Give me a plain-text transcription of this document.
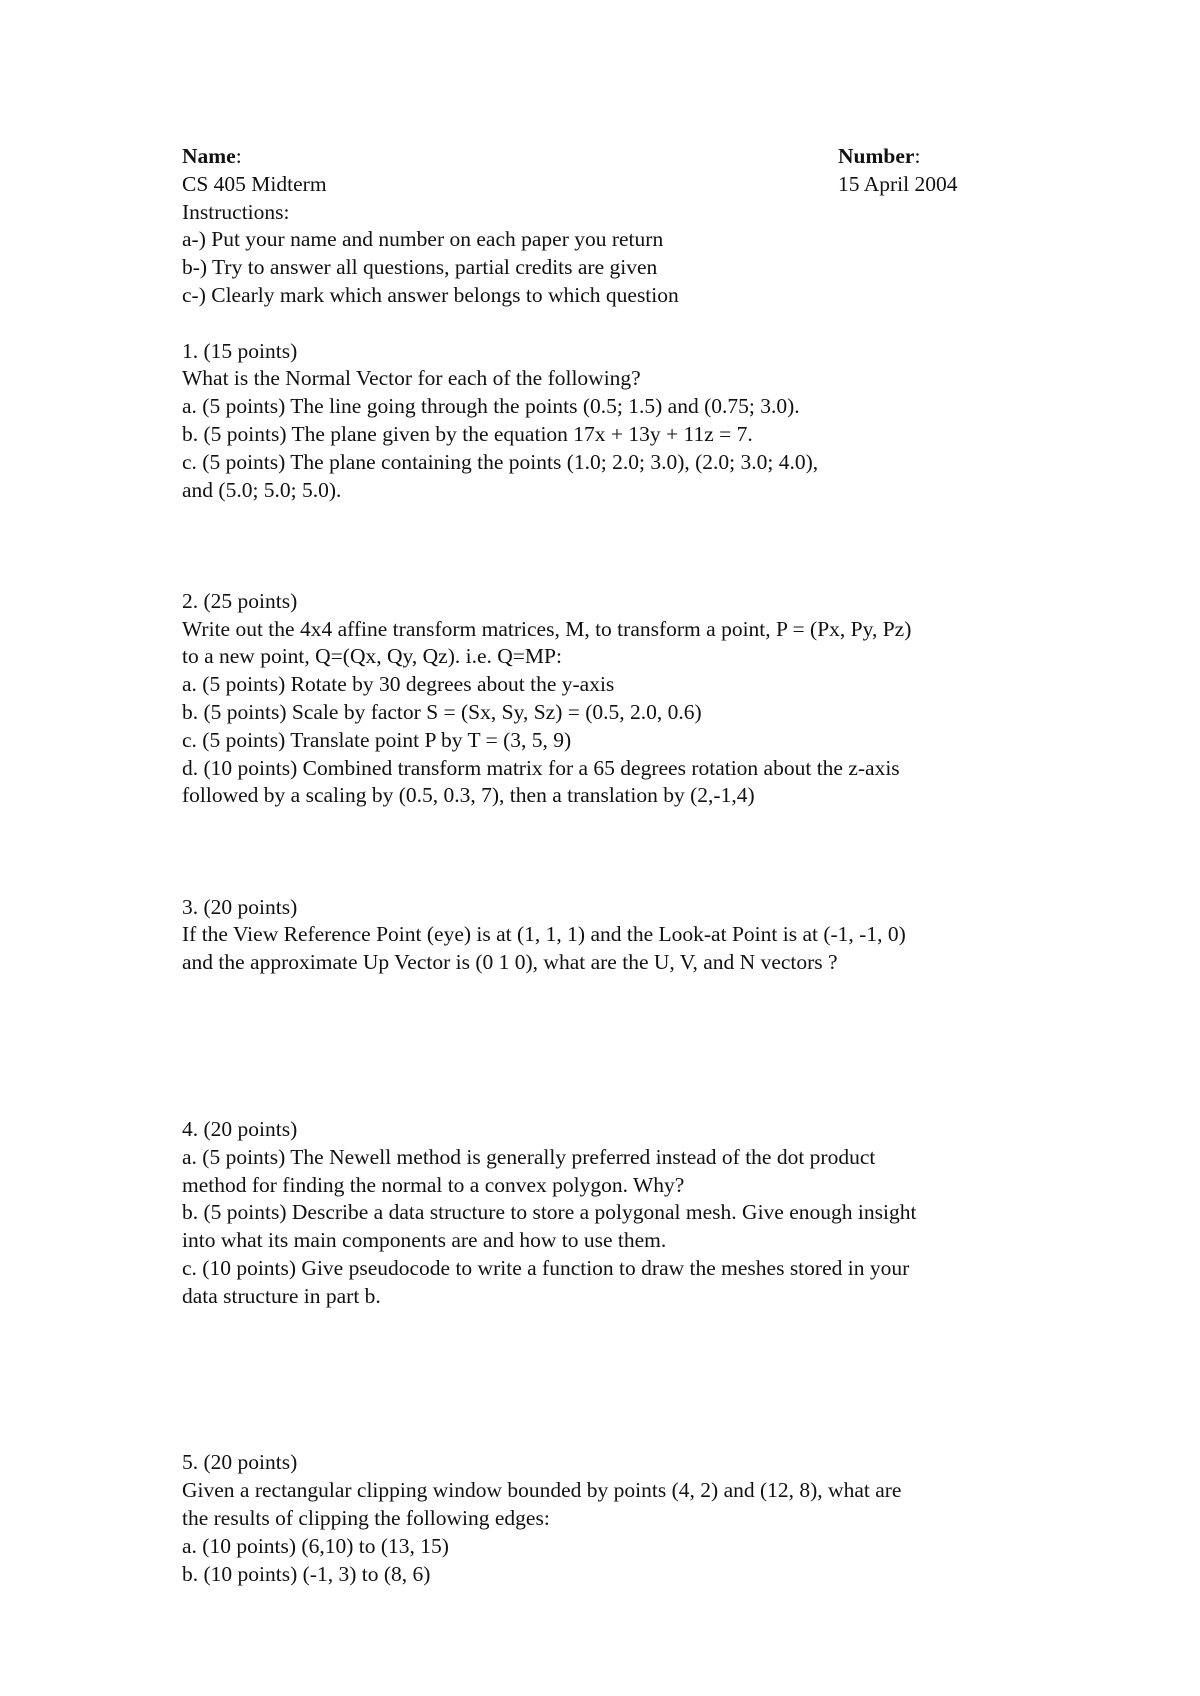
Name:	Number:
CS 405 Midterm	15 April 2004
Instructions:
a-) Put your name and number on each paper you return
b-) Try to answer all questions, partial credits are given
c-) Clearly mark which answer belongs to which question
1. (15 points)
What is the Normal Vector for each of the following?
a. (5 points) The line going through the points (0.5; 1.5) and (0.75; 3.0).
b. (5 points) The plane given by the equation 17x + 13y + 11z = 7.
c. (5 points) The plane containing the points (1.0; 2.0; 3.0), (2.0; 3.0; 4.0),
and (5.0; 5.0; 5.0).
2. (25 points)
Write out the 4x4 affine transform matrices, M, to transform a point, P = (Px, Py, Pz)
to a new point, Q=(Qx, Qy, Qz). i.e. Q=MP:
a. (5 points) Rotate by 30 degrees about the y-axis
b. (5 points) Scale by factor S = (Sx, Sy, Sz) = (0.5, 2.0, 0.6)
c. (5 points) Translate point P by T = (3, 5, 9)
d. (10 points) Combined transform matrix for a 65 degrees rotation about the z-axis
followed by a scaling by (0.5, 0.3, 7), then a translation by (2,-1,4)
3. (20 points)
If the View Reference Point (eye) is at (1, 1, 1) and the Look-at Point is at (-1, -1, 0)
and the approximate Up Vector is (0 1 0), what are the U, V, and N vectors ?
4. (20 points)
a. (5 points) The Newell method is generally preferred instead of the dot product
method for finding the normal to a convex polygon. Why?
b. (5 points) Describe a data structure to store a polygonal mesh. Give enough insight
into what its main components are and how to use them.
c. (10 points) Give pseudocode to write a function to draw the meshes stored in your
data structure in part b.
5. (20 points)
Given a rectangular clipping window bounded by points (4, 2) and (12, 8), what are
the results of clipping the following edges:
a. (10 points) (6,10) to (13, 15)
b. (10 points) (-1, 3) to (8, 6)
